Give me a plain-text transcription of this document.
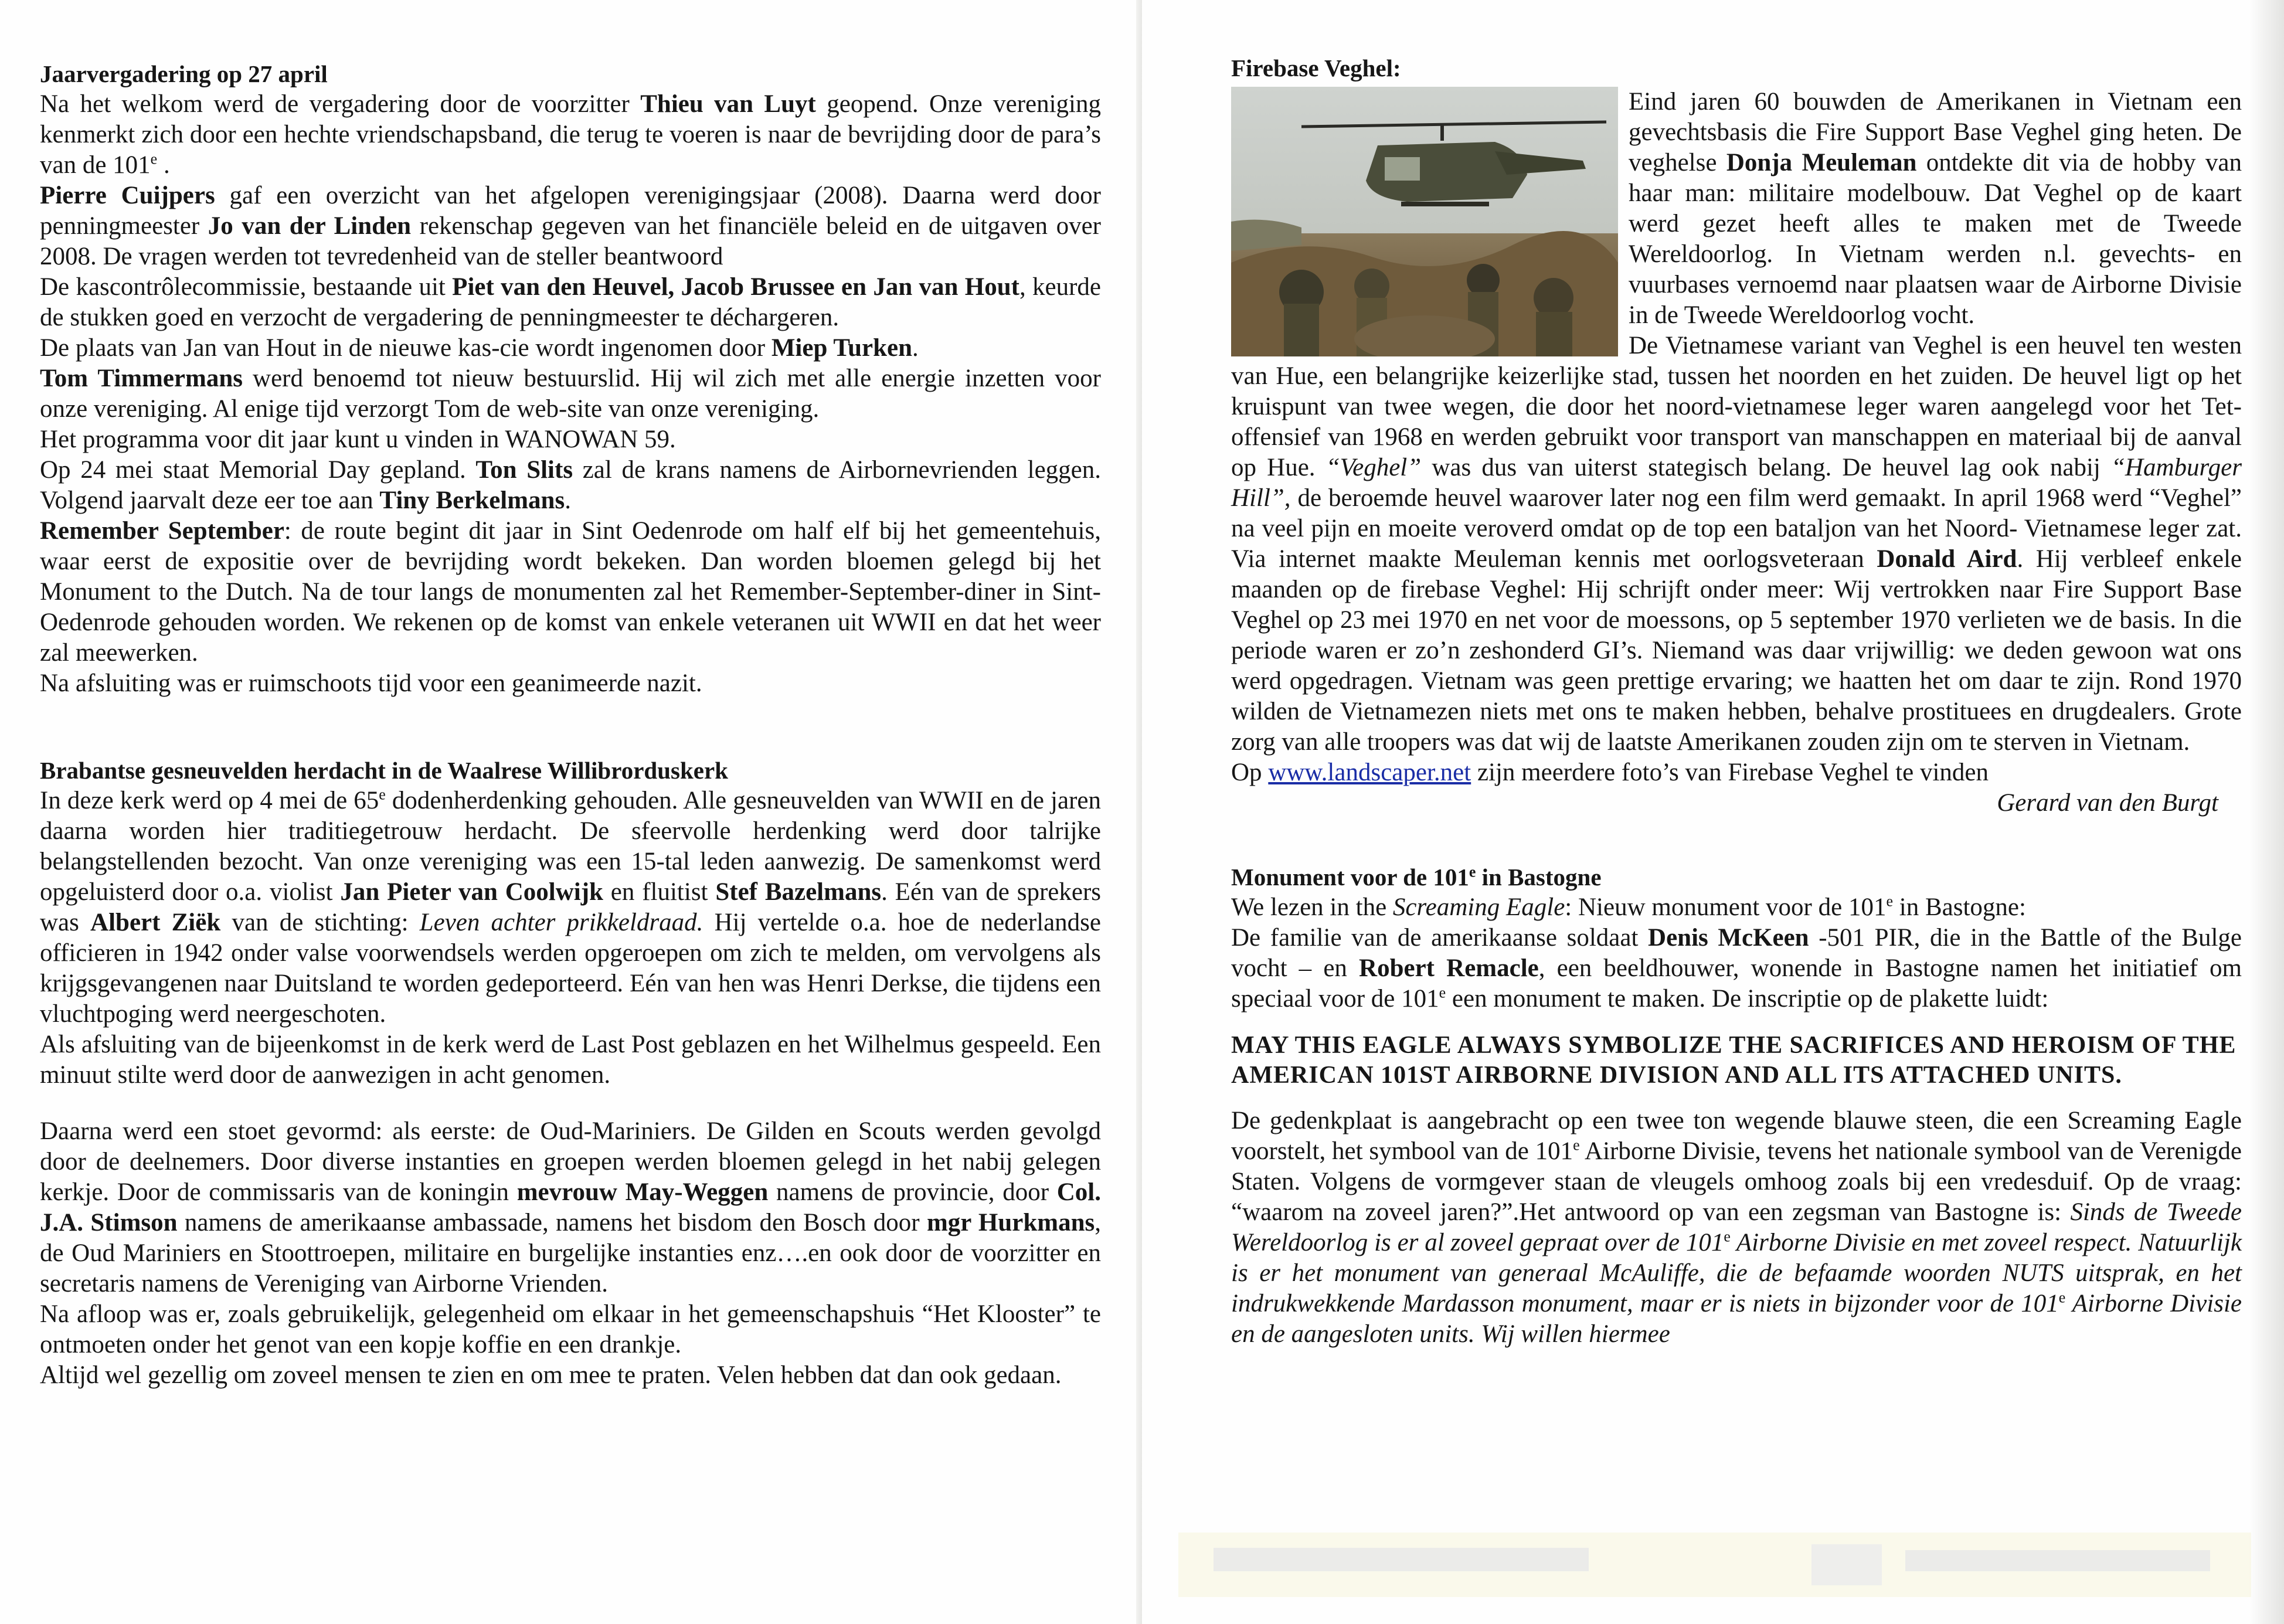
Jaarvergadering op 27 april

Na het welkom werd de vergadering door de voorzitter Thieu van Luyt geopend. Onze vereniging kenmerkt zich door een hechte vriendschapsband, die terug te voeren is naar de bevrijding door de para’s van de 101e .

Pierre Cuijpers gaf een overzicht van het afgelopen verenigingsjaar (2008). Daarna werd door penningmeester Jo van der Linden rekenschap gegeven van het financiële beleid en de uitgaven over 2008. De vragen werden tot tevredenheid van de steller beantwoord

De kascontrôlecommissie, bestaande uit Piet van den Heuvel, Jacob Brussee en Jan van Hout, keurde de stukken goed en verzocht de vergadering de penningmeester te déchargeren.

De plaats van Jan van Hout in de nieuwe kas-cie wordt ingenomen door Miep Turken.

Tom Timmermans werd benoemd tot nieuw bestuurslid. Hij wil zich met alle energie inzetten voor onze vereniging. Al enige tijd verzorgt Tom de web-site van onze vereniging.

Het programma voor dit jaar kunt u vinden in WANOWAN 59.

Op 24 mei staat Memorial Day gepland. Ton Slits zal de krans namens de Airbornevrienden leggen. Volgend jaarvalt deze eer toe aan Tiny Berkelmans.

Remember September: de route begint dit jaar in Sint Oedenrode om half elf bij het gemeentehuis, waar eerst de expositie over de bevrijding wordt bekeken. Dan worden bloemen gelegd bij het Monument to the Dutch. Na de tour langs de monumenten zal het Remember-September-diner in Sint-Oedenrode gehouden worden. We rekenen op de komst van enkele veteranen uit WWII en dat het weer zal meewerken.

Na afsluiting was er ruimschoots tijd voor een geanimeerde nazit.

Brabantse gesneuvelden herdacht in de Waalrese Willibrorduskerk

In deze kerk werd op 4 mei de 65e dodenherdenking gehouden. Alle gesneuvelden van WWII en de jaren daarna worden hier traditiegetrouw herdacht. De sfeervolle herdenking werd door talrijke belangstellenden bezocht. Van onze vereniging was een 15-tal leden aanwezig. De samenkomst werd opgeluisterd door o.a. violist Jan Pieter van Coolwijk en fluitist Stef Bazelmans. Eén van de sprekers was Albert Ziëk van de stichting: Leven achter prikkeldraad. Hij vertelde o.a. hoe de nederlandse officieren in 1942 onder valse voorwendsels werden opgeroepen om zich te melden, om vervolgens als krijgsgevangenen naar Duitsland te worden gedeporteerd. Eén van hen was Henri Derkse, die tijdens een vluchtpoging werd neergeschoten.

Als afsluiting van de bijeenkomst in de kerk werd de Last Post geblazen en het Wilhelmus gespeeld. Een minuut stilte werd door de aanwezigen in acht genomen.

Daarna werd een stoet gevormd: als eerste: de Oud-Mariniers. De Gilden en Scouts werden gevolgd door de deelnemers. Door diverse instanties en groepen werden bloemen gelegd in het nabij gelegen kerkje. Door de commissaris van de koningin mevrouw May-Weggen namens de provincie, door Col. J.A. Stimson namens de amerikaanse ambassade, namens het bisdom den Bosch door mgr Hurkmans, de Oud Mariniers en Stoottroepen, militaire en burgelijke instanties enz….en ook door de voorzitter en secretaris namens de Vereniging van Airborne Vrienden.

Na afloop was er, zoals gebruikelijk, gelegenheid om elkaar in het gemeenschapshuis “Het Klooster” te ontmoeten onder het genot van een kopje koffie en een drankje.

Altijd wel gezellig om zoveel mensen te zien en om mee te praten. Velen hebben dat dan ook gedaan.

Firebase Veghel:

Eind jaren 60 bouwden de Amerikanen in Vietnam een gevechtsbasis die Fire Support Base Veghel ging heten. De veghelse Donja Meuleman ontdekte dit via de hobby van haar man: militaire modelbouw. Dat Veghel op de kaart werd gezet heeft alles te maken met de Tweede Wereldoorlog. In Vietnam werden n.l. gevechts- en vuurbases vernoemd naar plaatsen waar de Airborne Divisie in de Tweede Wereldoorlog vocht.

De Vietnamese variant van Veghel is een heuvel ten westen van Hue, een belangrijke keizerlijke stad, tussen het noorden en het zuiden. De heuvel ligt op het kruispunt van twee wegen, die door het noord-vietnamese leger waren aangelegd voor het Tet-offensief van 1968 en werden gebruikt voor transport van manschappen en materiaal bij de aanval op Hue. “Veghel” was dus van uiterst stategisch belang. De heuvel lag ook nabij “Hamburger Hill”, de beroemde heuvel waarover later nog een film werd gemaakt. In april 1968 werd “Veghel” na veel pijn en moeite veroverd omdat op de top een bataljon van het Noord- Vietnamese leger zat. Via internet maakte Meuleman kennis met oorlogsveteraan Donald Aird. Hij verbleef enkele maanden op de firebase Veghel: Hij schrijft onder meer: Wij vertrokken naar Fire Support Base Veghel op 23 mei 1970 en net voor de moessons, op 5 september 1970 verlieten we de basis. In die periode waren er zo’n zeshonderd GI’s. Niemand was daar vrijwillig: we deden gewoon wat ons werd opgedragen. Vietnam was geen prettige ervaring; we haatten het om daar te zijn. Rond 1970 wilden de Vietnamezen niets met ons te maken hebben, behalve prostituees en drugdealers. Grote zorg van alle troopers was dat wij de laatste Amerikanen zouden zijn om te sterven in Vietnam.

Op www.landscaper.net zijn meerdere foto’s van Firebase Veghel te vinden

Gerard van den Burgt

Monument voor de 101e in Bastogne

We lezen in the Screaming Eagle: Nieuw monument voor de 101e in Bastogne:

De familie van de amerikaanse soldaat Denis McKeen -501 PIR, die in the Battle of the Bulge vocht – en Robert Remacle, een beeldhouwer, wonende in Bastogne namen het initiatief om speciaal voor de 101e een monument te maken. De inscriptie op de plakette luidt:

MAY THIS EAGLE ALWAYS SYMBOLIZE THE SACRIFICES AND HEROISM OF THE AMERICAN 101ST AIRBORNE DIVISION AND ALL ITS ATTACHED UNITS.

De gedenkplaat is aangebracht op een twee ton wegende blauwe steen, die een Screaming Eagle voorstelt, het symbool van de 101e Airborne Divisie, tevens het nationale symbool van de Verenigde Staten. Volgens de vormgever staan de vleugels omhoog zoals bij een vredesduif. Op de vraag: “waarom na zoveel jaren?”.Het antwoord op van een zegsman van Bastogne is: Sinds de Tweede Wereldoorlog is er al zoveel gepraat over de 101e Airborne Divisie en met zoveel respect. Natuurlijk is er het monument van generaal McAuliffe, die de befaamde woorden NUTS uitsprak, en het indrukwekkende Mardasson monument, maar er is niets in bijzonder voor de 101e Airborne Divisie en de aangesloten units. Wij willen hiermee
